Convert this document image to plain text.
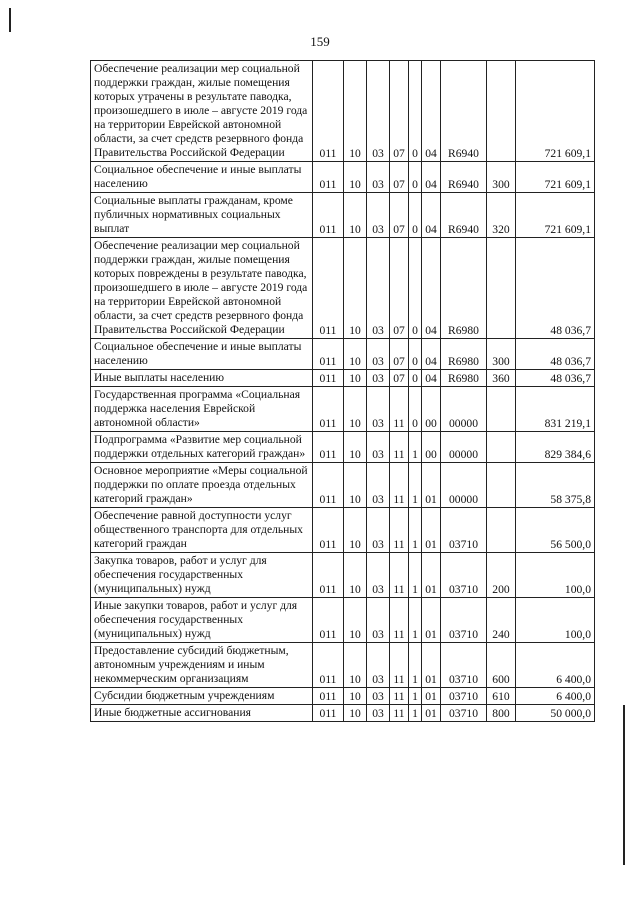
159
Обеспечение реализации мер социальной поддержки граждан, жилые помещения которых утрачены в результате паводка, произошедшего в июле – августе 2019 года на территории Еврейской автономной области, за счет средств резервного фонда Правительства Российской Федерации	011	10	03	07	0	04	R6940		721 609,1
Социальное обеспечение и иные выплаты населению	011	10	03	07	0	04	R6940	300	721 609,1
Социальные выплаты гражданам, кроме публичных нормативных социальных выплат	011	10	03	07	0	04	R6940	320	721 609,1
Обеспечение реализации мер социальной поддержки граждан, жилые помещения которых повреждены в результате паводка, произошедшего в июле – августе 2019 года на территории Еврейской автономной области, за счет средств резервного фонда Правительства Российской Федерации	011	10	03	07	0	04	R6980		48 036,7
Социальное обеспечение и иные выплаты населению	011	10	03	07	0	04	R6980	300	48 036,7
Иные выплаты населению	011	10	03	07	0	04	R6980	360	48 036,7
Государственная программа «Социальная поддержка населения Еврейской автономной области»	011	10	03	11	0	00	00000		831 219,1
Подпрограмма «Развитие мер социальной поддержки отдельных категорий граждан»	011	10	03	11	1	00	00000		829 384,6
Основное мероприятие «Меры социальной поддержки по оплате проезда отдельных категорий граждан»	011	10	03	11	1	01	00000		58 375,8
Обеспечение равной доступности услуг общественного транспорта для отдельных категорий граждан	011	10	03	11	1	01	03710		56 500,0
Закупка товаров, работ и услуг для обеспечения государственных (муниципальных) нужд	011	10	03	11	1	01	03710	200	100,0
Иные закупки товаров, работ и услуг для обеспечения государственных (муниципальных) нужд	011	10	03	11	1	01	03710	240	100,0
Предоставление субсидий бюджетным, автономным учреждениям и иным некоммерческим организациям	011	10	03	11	1	01	03710	600	6 400,0
Субсидии бюджетным учреждениям	011	10	03	11	1	01	03710	610	6 400,0
Иные бюджетные ассигнования	011	10	03	11	1	01	03710	800	50 000,0
